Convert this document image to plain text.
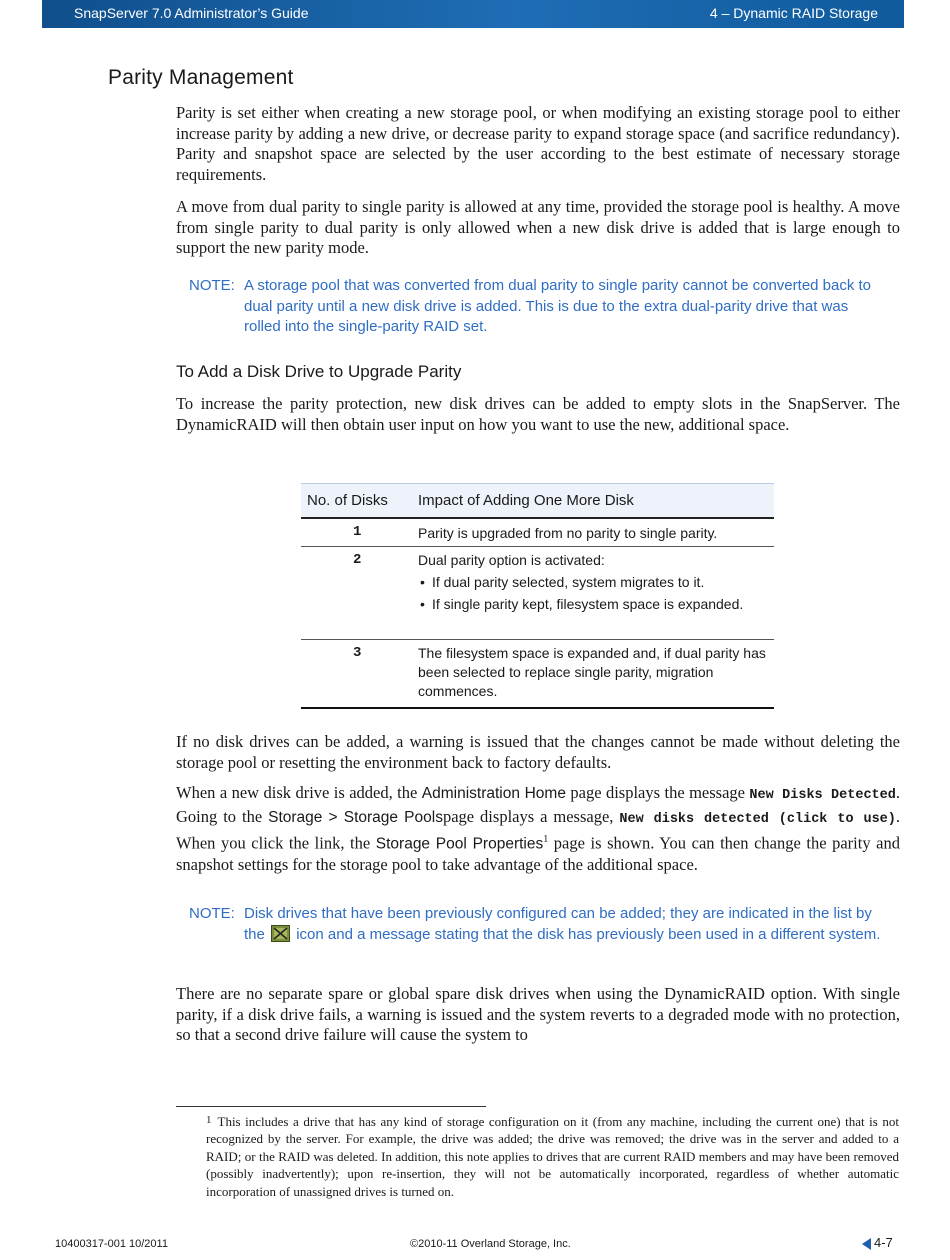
SnapServer 7.0 Administrator’s Guide	4 – Dynamic RAID Storage
Parity Management

Parity is set either when creating a new storage pool, or when modifying an existing storage pool to either increase parity by adding a new drive, or decrease parity to expand storage space (and sacrifice redundancy). Parity and snapshot space are selected by the user according to the best estimate of necessary storage requirements.

A move from dual parity to single parity is allowed at any time, provided the storage pool is healthy. A move from single parity to dual parity is only allowed when a new disk drive is added that is large enough to support the new parity mode.

NOTE: A storage pool that was converted from dual parity to single parity cannot be converted back to dual parity until a new disk drive is added. This is due to the extra dual-parity drive that was rolled into the single-parity RAID set.
To Add a Disk Drive to Upgrade Parity

To increase the parity protection, new disk drives can be added to empty slots in the SnapServer. The DynamicRAID will then obtain user input on how you want to use the new, additional space.

No. of Disks Impact of Adding One More Disk
1	Parity is upgraded from no parity to single parity.
2	Dual parity option is activated:
• If dual parity selected, system migrates to it.
• If single parity kept, filesystem space is expanded.
3	The filesystem space is expanded and, if dual parity has been selected to replace single parity, migration commences.

If no disk drives can be added, a warning is issued that the changes cannot be made without deleting the storage pool or resetting the environment back to factory defaults.

When a new disk drive is added, the Administration Home page displays the message New Disks Detected. Going to the Storage > Storage Poolspage displays a message, New disks detected (click to use). When you click the link, the Storage Pool Properties$^1$ page is shown. You can then change the parity and snapshot settings for the storage pool to take advantage of the additional space.

NOTE: Disk drives that have been previously configured can be added; they are indicated in the list by the icon and a message stating that the disk has previously been used in a different system.

There are no separate spare or global spare disk drives when using the DynamicRAID option. With single parity, if a disk drive fails, a warning is issued and the system reverts to a degraded mode with no protection, so that a second drive failure will cause the system to

$^1$ This includes a drive that has any kind of storage configuration on it (from any machine, including the current one) that is not recognized by the server. For example, the drive was added; the drive was removed; the drive was in the server and added to a RAID; or the RAID was deleted. In addition, this note applies to drives that are current RAID members and may have been removed (possibly inadvertently); upon re-insertion, they will not be automatically incorporated, regardless of whether automatic incorporation of unassigned drives is turned on.
10400317-001 10/2011	©2010-11 Overland Storage, Inc.	4-7
